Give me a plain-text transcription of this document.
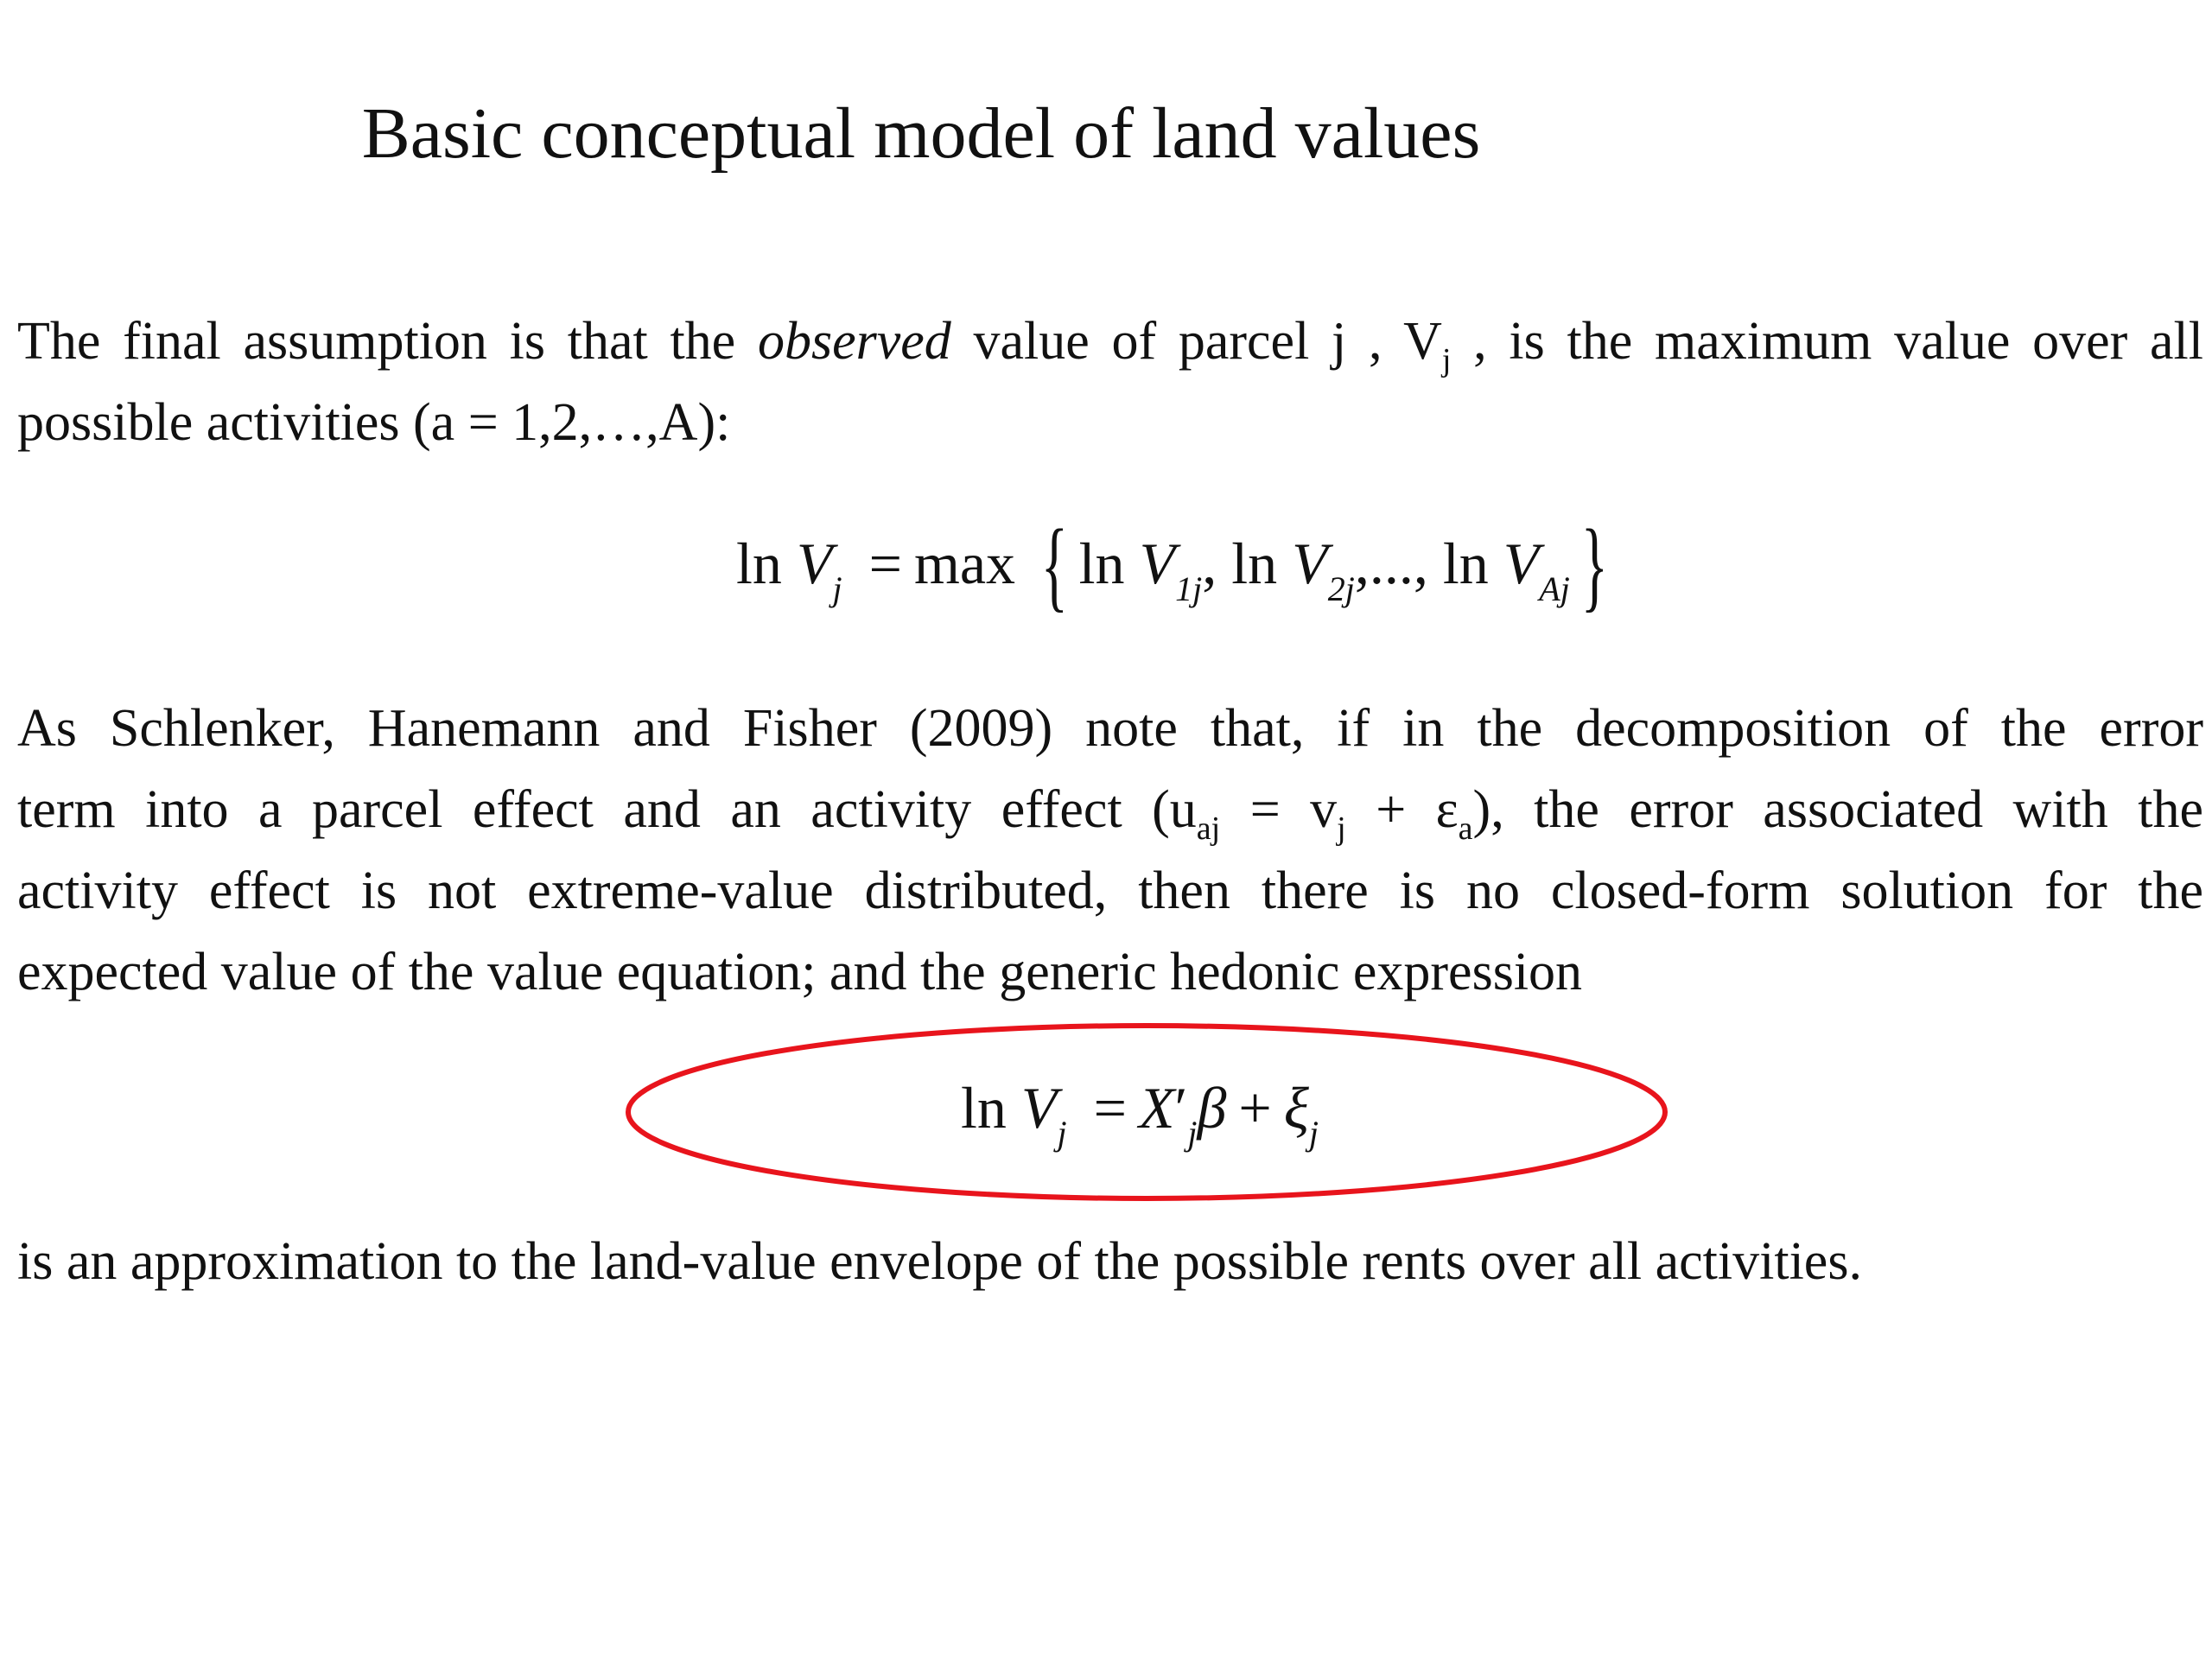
Basic conceptual model of land values

The final assumption is that the observed value of parcel j , $V_j$ , is the maximum value over all
possible activities (a = 1,2,…,A):

$\ln V_j = \max$ { $\ln V_{1j}$, $\ln V_{2j}$,..., $\ln V_{Aj}$ }

As Schlenker, Hanemann and Fisher (2009) note that, if in the decomposition of the error
term into a parcel effect and an activity effect $(u_{aj} = v_j + \varepsilon_a)$, the error associated with the
activity effect is not extreme-value distributed, then there is no closed-form solution for the
expected value of the value equation; and the generic hedonic expression

$\ln V_j = X'_j\beta + \xi_j$

is an approximation to the land-value envelope of the possible rents over all activities.
